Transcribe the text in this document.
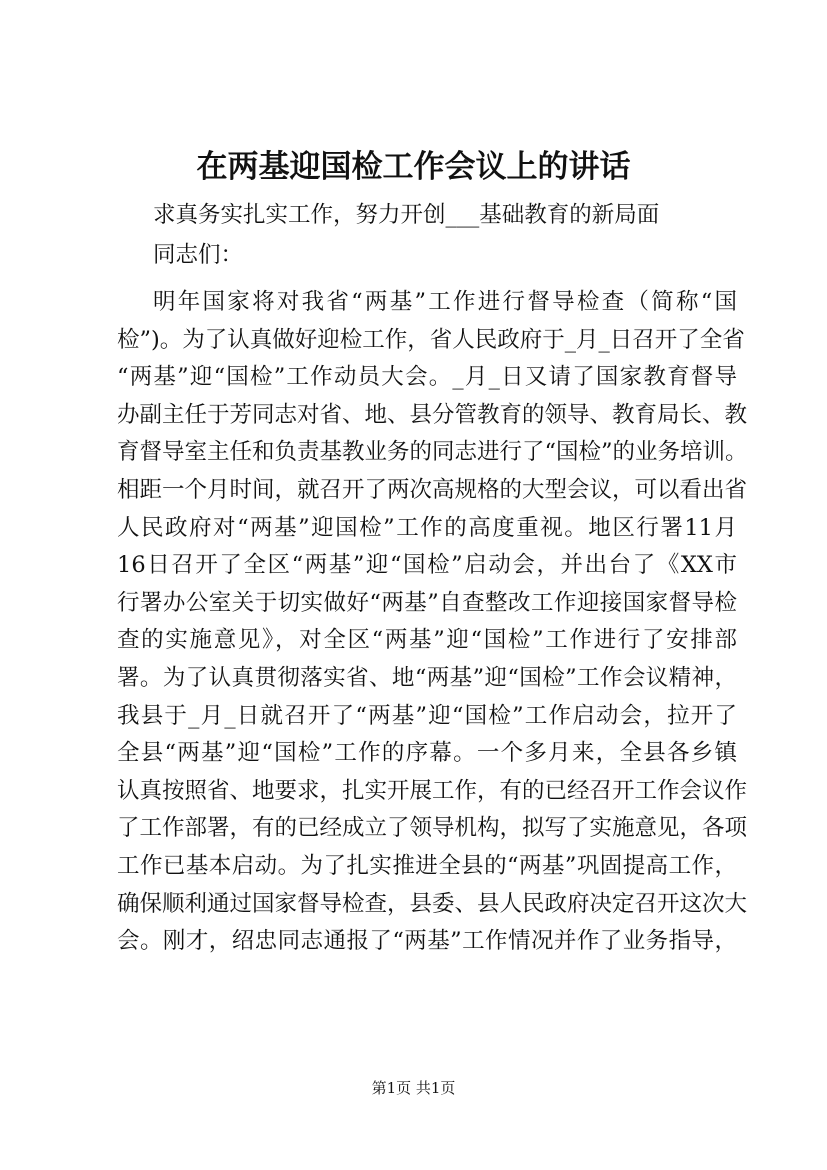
在两基迎国检工作会议上的讲话
求真务实扎实工作，努力开创___基础教育的新局面
同志们：
明年国家将对我省“两基”工作进行督导检查（简称“国
检”)。为了认真做好迎检工作，省人民政府于_月_日召开了全省
“两基”迎“国检”工作动员大会。_月_日又请了国家教育督导
办副主任于芳同志对省、地、县分管教育的领导、教育局长、教
育督导室主任和负责基教业务的同志进行了“国检”的业务培训。
相距一个月时间，就召开了两次高规格的大型会议，可以看出省
人民政府对“两基”迎国检”工作的高度重视。地区行署11月
16日召开了全区“两基”迎“国检”启动会，并出台了《XX市
行署办公室关于切实做好“两基”自查整改工作迎接国家督导检
查的实施意见》，对全区“两基”迎“国检”工作进行了安排部
署。为了认真贯彻落实省、地“两基”迎“国检”工作会议精神，
我县于_月_日就召开了“两基”迎“国检”工作启动会，拉开了
全县“两基”迎“国检”工作的序幕。一个多月来，全县各乡镇
认真按照省、地要求，扎实开展工作，有的已经召开工作会议作
了工作部署，有的已经成立了领导机构，拟写了实施意见，各项
工作已基本启动。为了扎实推进全县的“两基”巩固提高工作，
确保顺利通过国家督导检查，县委、县人民政府决定召开这次大
会。刚才，绍忠同志通报了“两基”工作情况并作了业务指导，
第1页 共1页
